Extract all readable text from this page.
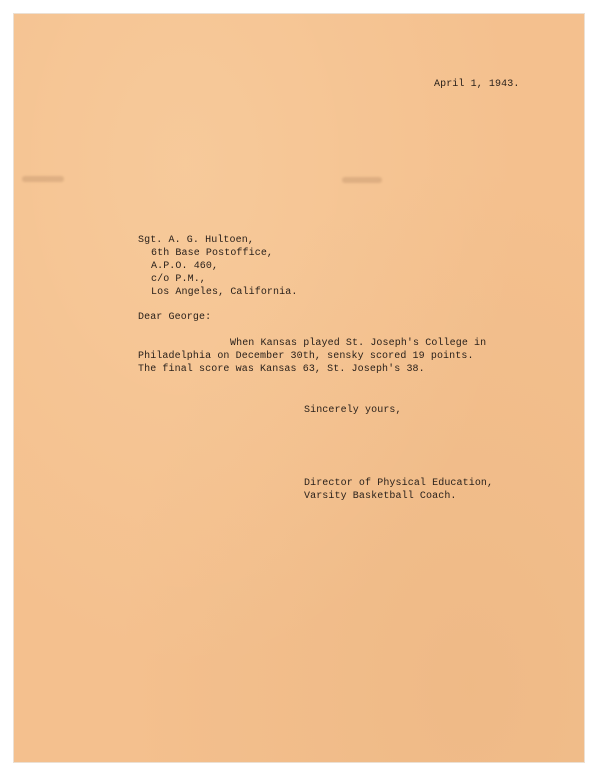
April 1, 1943.
Sgt. A. G. Hultoen,
6th Base Postoffice,
A.P.O. 460,
c/o P.M.,
Los Angeles, California.
Dear George:
When Kansas played St. Joseph's College in
Philadelphia on December 30th, sensky scored 19 points.
The final score was Kansas 63, St. Joseph's 38.
Sincerely yours,
Director of Physical Education,
Varsity Basketball Coach.
